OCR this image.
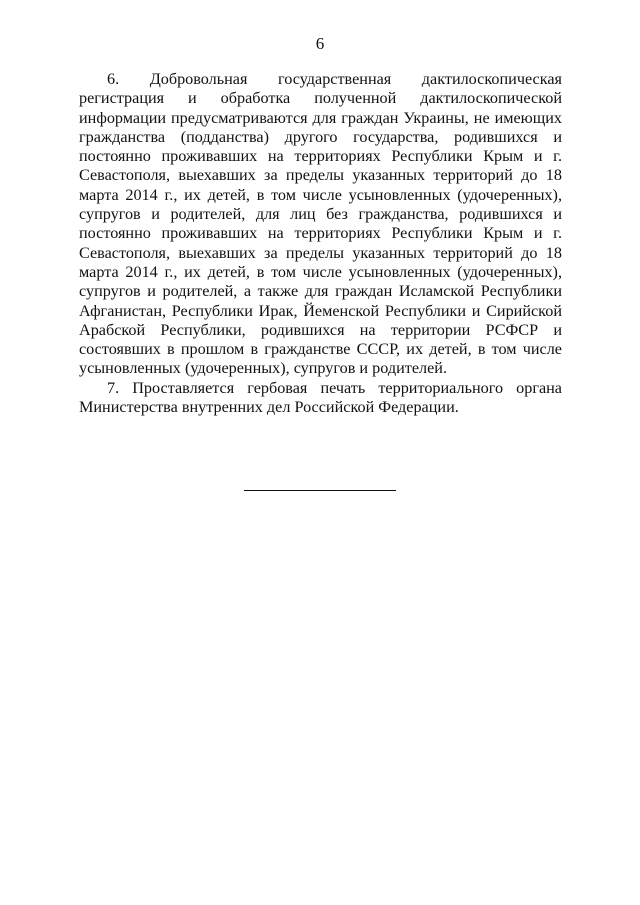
6

6. Добровольная государственная дактилоскопическая регистрация и обработка полученной дактилоскопической информации предусматриваются для граждан Украины, не имеющих гражданства (подданства) другого государства, родившихся и постоянно проживавших на территориях Республики Крым и г. Севастополя, выехавших за пределы указанных территорий до 18 марта 2014 г., их детей, в том числе усыновленных (удочеренных), супругов и родителей, для лиц без гражданства, родившихся и постоянно проживавших на территориях Республики Крым и г. Севастополя, выехавших за пределы указанных территорий до 18 марта 2014 г., их детей, в том числе усыновленных (удочеренных), супругов и родителей, а также для граждан Исламской Республики Афганистан, Республики Ирак, Йеменской Республики и Сирийской Арабской Республики, родившихся на территории РСФСР и состоявших в прошлом в гражданстве СССР, их детей, в том числе усыновленных (удочеренных), супругов и родителей.

7. Проставляется гербовая печать территориального органа Министерства внутренних дел Российской Федерации.
